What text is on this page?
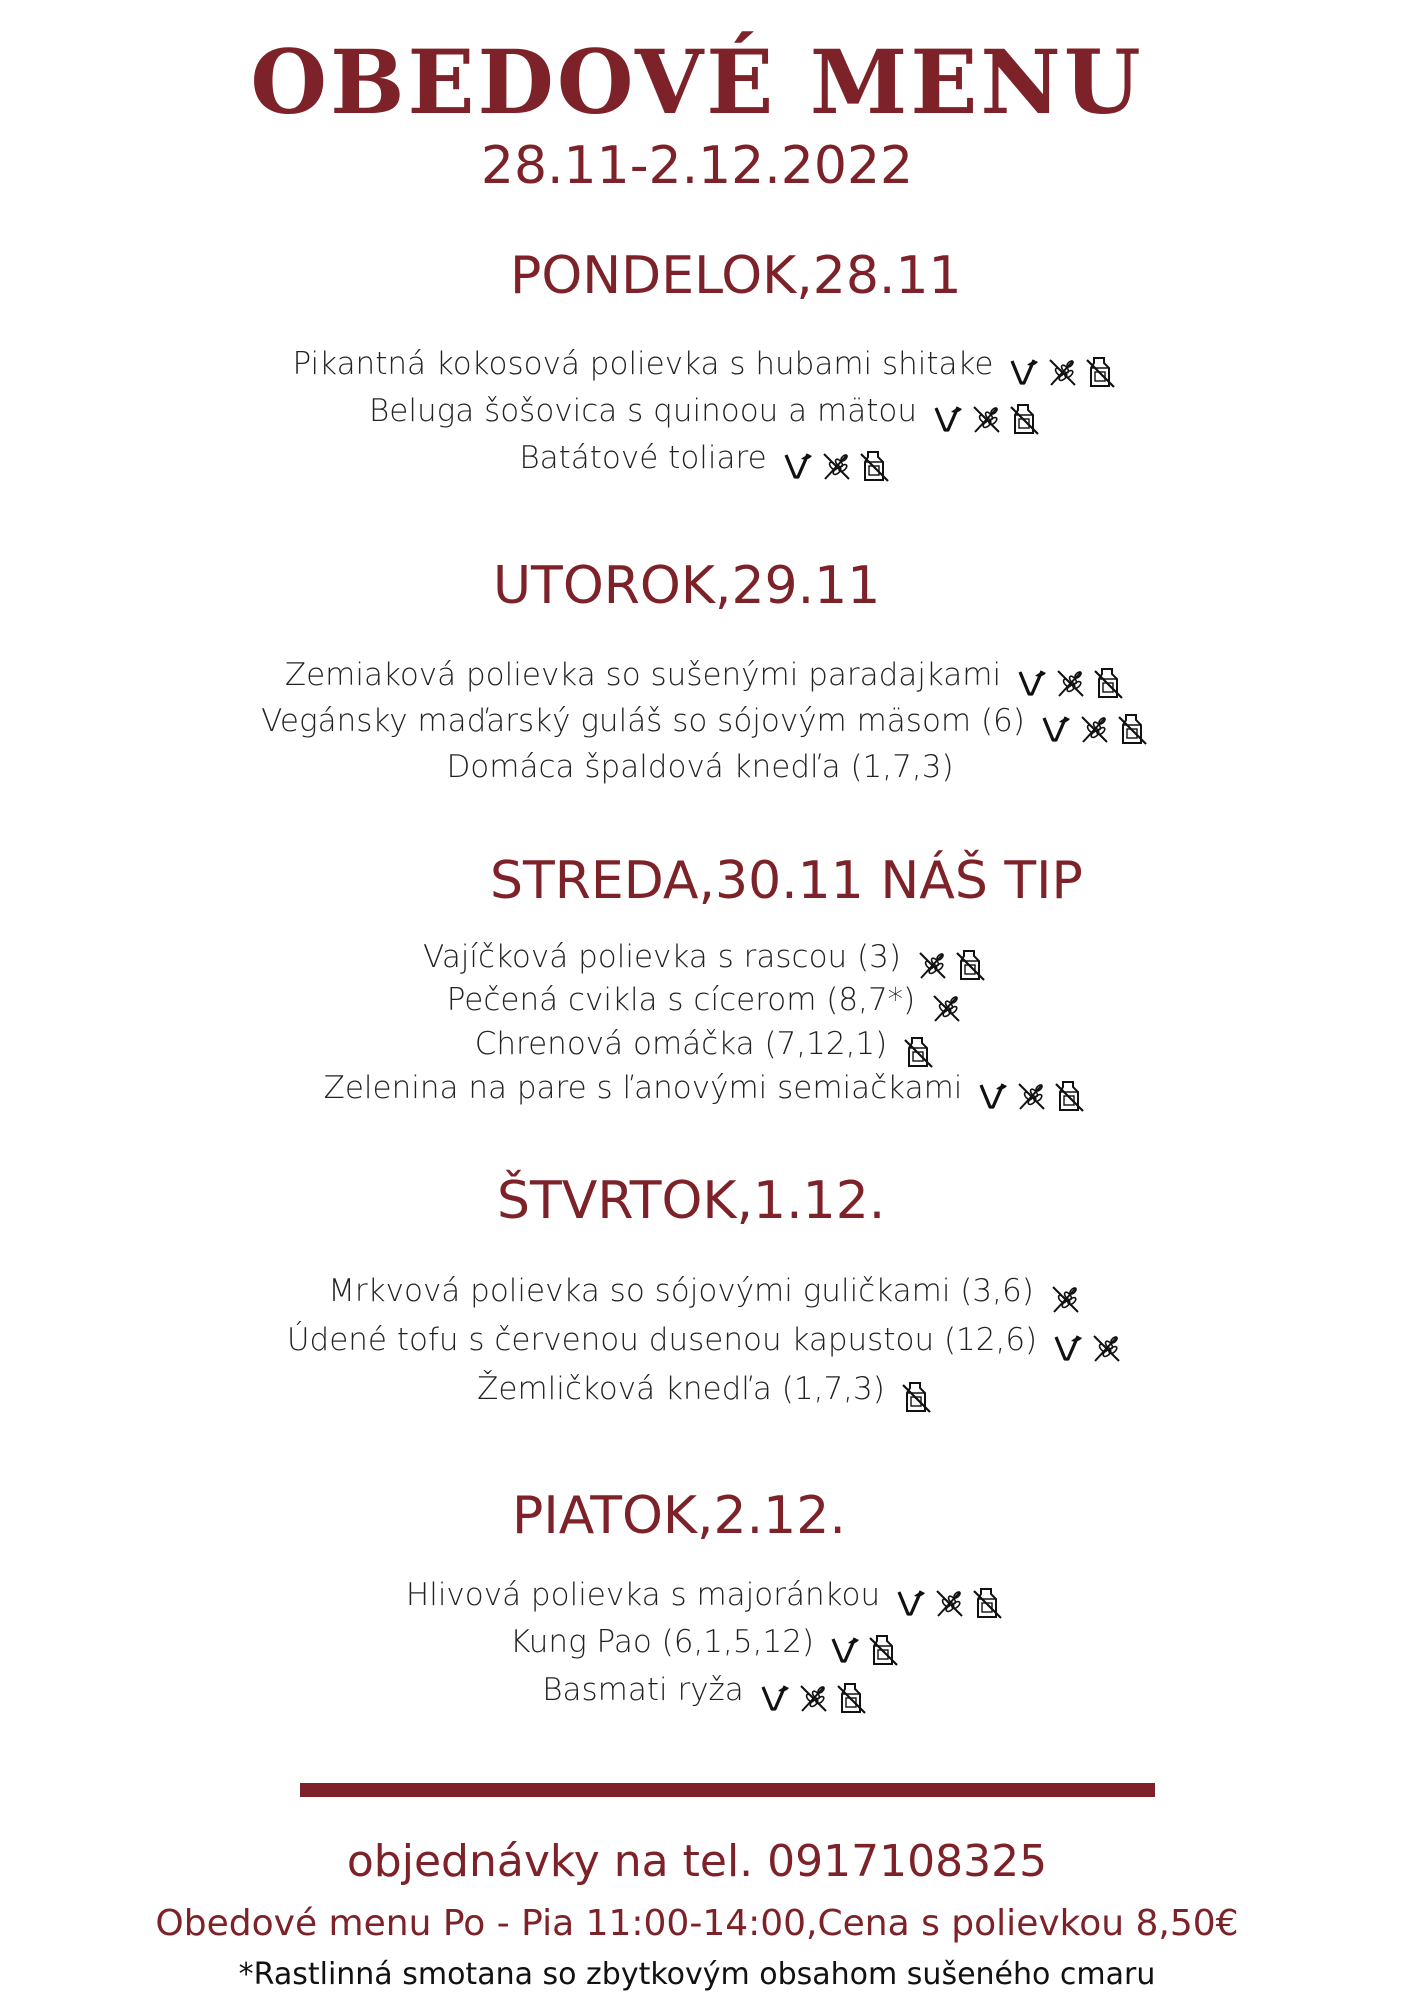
OBEDOVÉ MENU
28.11-2.12.2022
PONDELOK,28.11
UTOROK,29.11
STREDA,30.11 NÁŠ TIP
ŠTVRTOK,1.12.
PIATOK,2.12.
Pikantná kokosová polievka s hubami shitake
Beluga šošovica s quinoou a mätou
Batátové toliare
Zemiaková polievka so sušenými paradajkami
Vegánsky maďarský guláš so sójovým mäsom (6)
Domáca špaldová knedľa (1,7,3)
Vajíčková polievka s rascou (3)
Pečená cvikla s cícerom (8,7*)
Chrenová omáčka (7,12,1)
Zelenina na pare s ľanovými semiačkami
Mrkvová polievka so sójovými guličkami (3,6)
Údené tofu s červenou dusenou kapustou (12,6)
Žemličková knedľa (1,7,3)
Hlivová polievka s majoránkou
Kung Pao (6,1,5,12)
Basmati ryža
objednávky na tel. 0917108325
Obedové menu Po - Pia 11:00-14:00,Cena s polievkou 8,50€
*Rastlinná smotana so zbytkovým obsahom sušeného cmaru
